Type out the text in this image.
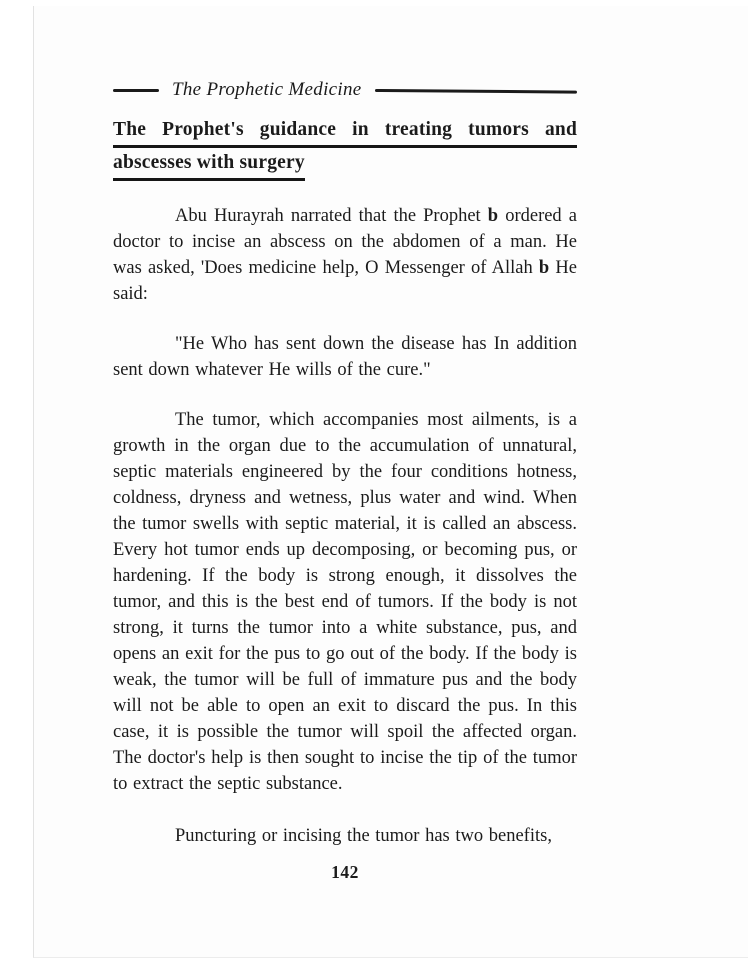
The Prophetic Medicine
The Prophet's guidance in treating tumors and
abscesses with surgery

Abu Hurayrah narrated that the Prophet b ordered a doctor to incise an abscess on the abdomen of a man. He was asked, 'Does medicine help, O Messenger of Allah b He said:

"He Who has sent down the disease has In addition sent down whatever He wills of the cure."

The tumor, which accompanies most ailments, is a growth in the organ due to the accumulation of unnatural, septic materials engineered by the four conditions hotness, coldness, dryness and wetness, plus water and wind. When the tumor swells with septic material, it is called an abscess. Every hot tumor ends up decomposing, or becoming pus, or hardening. If the body is strong enough, it dissolves the tumor, and this is the best end of tumors. If the body is not strong, it turns the tumor into a white substance, pus, and opens an exit for the pus to go out of the body. If the body is weak, the tumor will be full of immature pus and the body will not be able to open an exit to discard the pus. In this case, it is possible the tumor will spoil the affected organ. The doctor's help is then sought to incise the tip of the tumor to extract the septic substance.

Puncturing or incising the tumor has two benefits,

142
